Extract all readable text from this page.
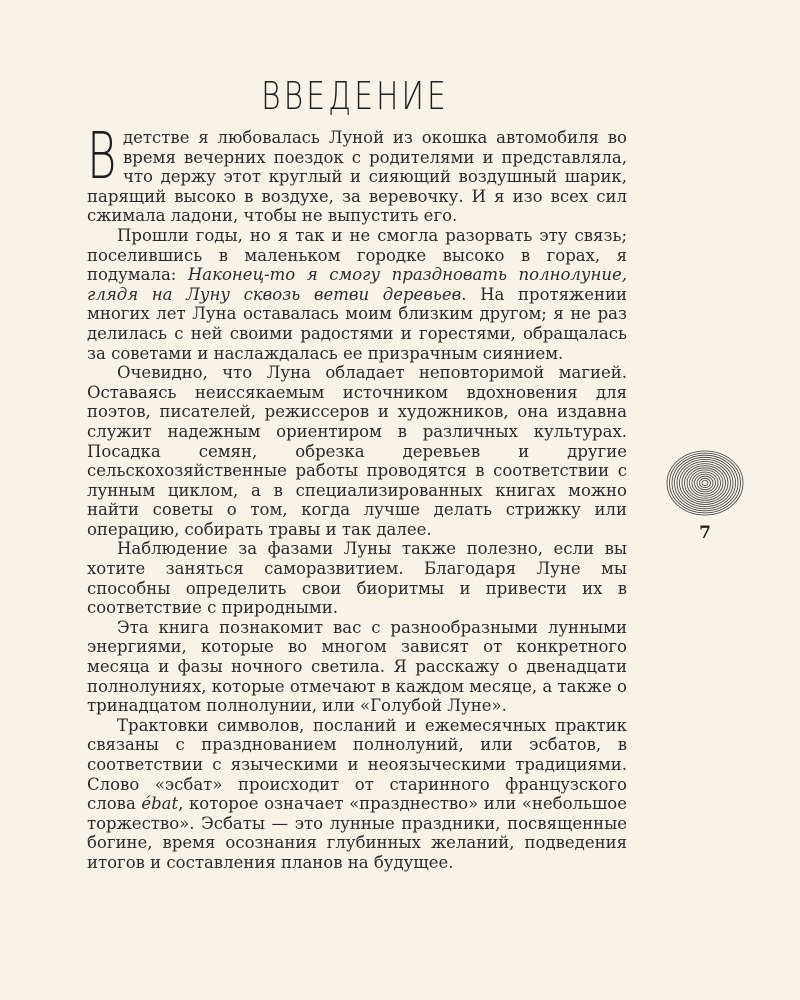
ВВЕДЕНИЕ

В детстве я любовалась Луной из окошка автомобиля во время вечерних поездок с родителями и представляла, что держу этот круглый и сияющий воздушный шарик, парящий высоко в воздухе, за веревочку. И я изо всех сил сжимала ладони, чтобы не выпустить его.

Прошли годы, но я так и не смогла разорвать эту связь; поселившись в маленьком городке высоко в горах, я подумала: Наконец-то я смогу праздновать полнолуние, глядя на Луну сквозь ветви деревьев. На протяжении многих лет Луна оставалась моим близким другом; я не раз делилась с ней своими радостями и горестями, обращалась за советами и наслаждалась ее призрачным сиянием.

Очевидно, что Луна обладает неповторимой магией. Оставаясь неиссякаемым источником вдохновения для поэтов, писателей, режиссеров и художников, она издавна служит надежным ориентиром в различных культурах. Посадка семян, обрезка деревьев и другие сельскохозяйственные работы проводятся в соответствии с лунным циклом, а в специализированных книгах можно найти советы о том, когда лучше делать стрижку или операцию, собирать травы и так далее.

Наблюдение за фазами Луны также полезно, если вы хотите заняться саморазвитием. Благодаря Луне мы способны определить свои биоритмы и привести их в соответствие с природными.

Эта книга познакомит вас с разнообразными лунными энергиями, которые во многом зависят от конкретного месяца и фазы ночного светила. Я расскажу о двенадцати полнолуниях, которые отмечают в каждом месяце, а также о тринадцатом полнолунии, или «Голубой Луне».

Трактовки символов, посланий и ежемесячных практик связаны с празднованием полнолуний, или эсбатов, в соответствии с языческими и неоязыческими традициями. Слово «эсбат» происходит от старинного французского слова ébat, которое означает «празднество» или «небольшое торжество». Эсбаты — это лунные праздники, посвященные богине, время осознания глубинных желаний, подведения итогов и составления планов на будущее.

7
